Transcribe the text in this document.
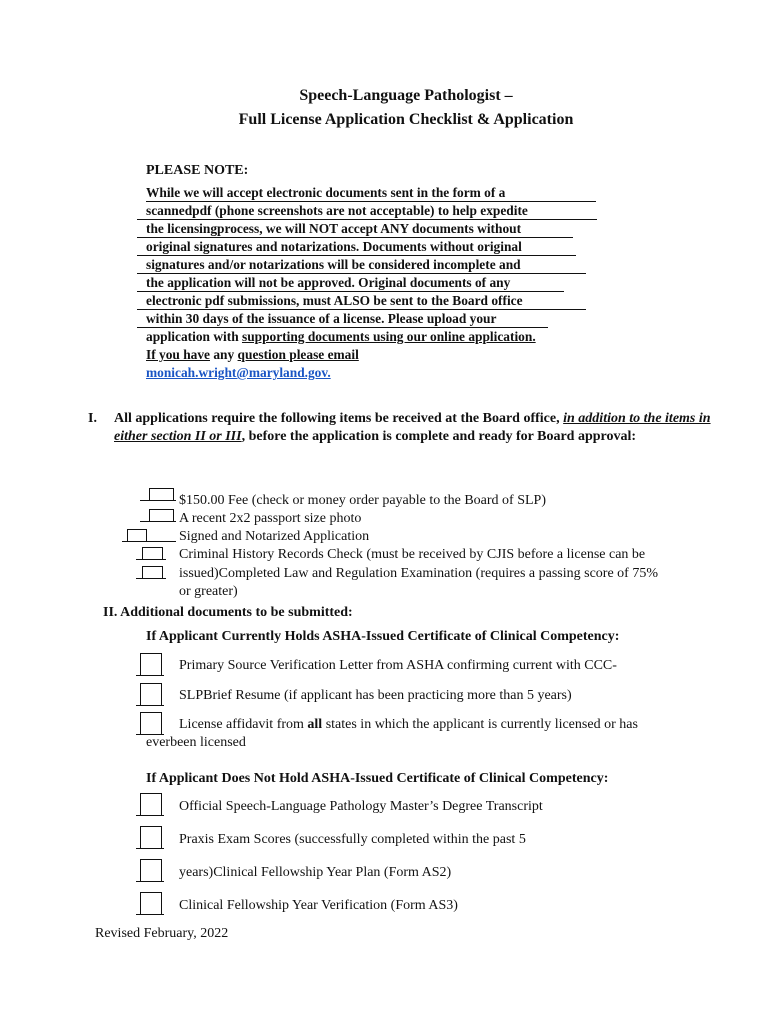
Speech-Language Pathologist –
Full License Application Checklist & Application
PLEASE NOTE:
While we will accept electronic documents sent in the form of a
scannedpdf (phone screenshots are not acceptable) to help expedite
the licensingprocess, we will NOT accept ANY documents without
original signatures and notarizations. Documents without original
signatures and/or notarizations will be considered incomplete and
the application will not be approved. Original documents of any
electronic pdf submissions, must ALSO be sent to the Board office
within 30 days of the issuance of a license. Please upload your
application with supporting documents using our online application.
If you have any question please email
monicah.wright@maryland.gov.
I. All applications require the following items be received at the Board office, in addition to the items in either section II or III, before the application is complete and ready for Board approval:
$150.00 Fee (check or money order payable to the Board of SLP)
A recent 2x2 passport size photo
Signed and Notarized Application
Criminal History Records Check (must be received by CJIS before a license can be
issued)Completed Law and Regulation Examination (requires a passing score of 75%
or greater)
II. Additional documents to be submitted:
If Applicant Currently Holds ASHA-Issued Certificate of Clinical Competency:
Primary Source Verification Letter from ASHA confirming current with CCC-
SLPBrief Resume (if applicant has been practicing more than 5 years)
License affidavit from all states in which the applicant is currently licensed or has
everbeen licensed
If Applicant Does Not Hold ASHA-Issued Certificate of Clinical Competency:
Official Speech-Language Pathology Master’s Degree Transcript
Praxis Exam Scores (successfully completed within the past 5
years)Clinical Fellowship Year Plan (Form AS2)
Clinical Fellowship Year Verification (Form AS3)
Revised February, 2022
